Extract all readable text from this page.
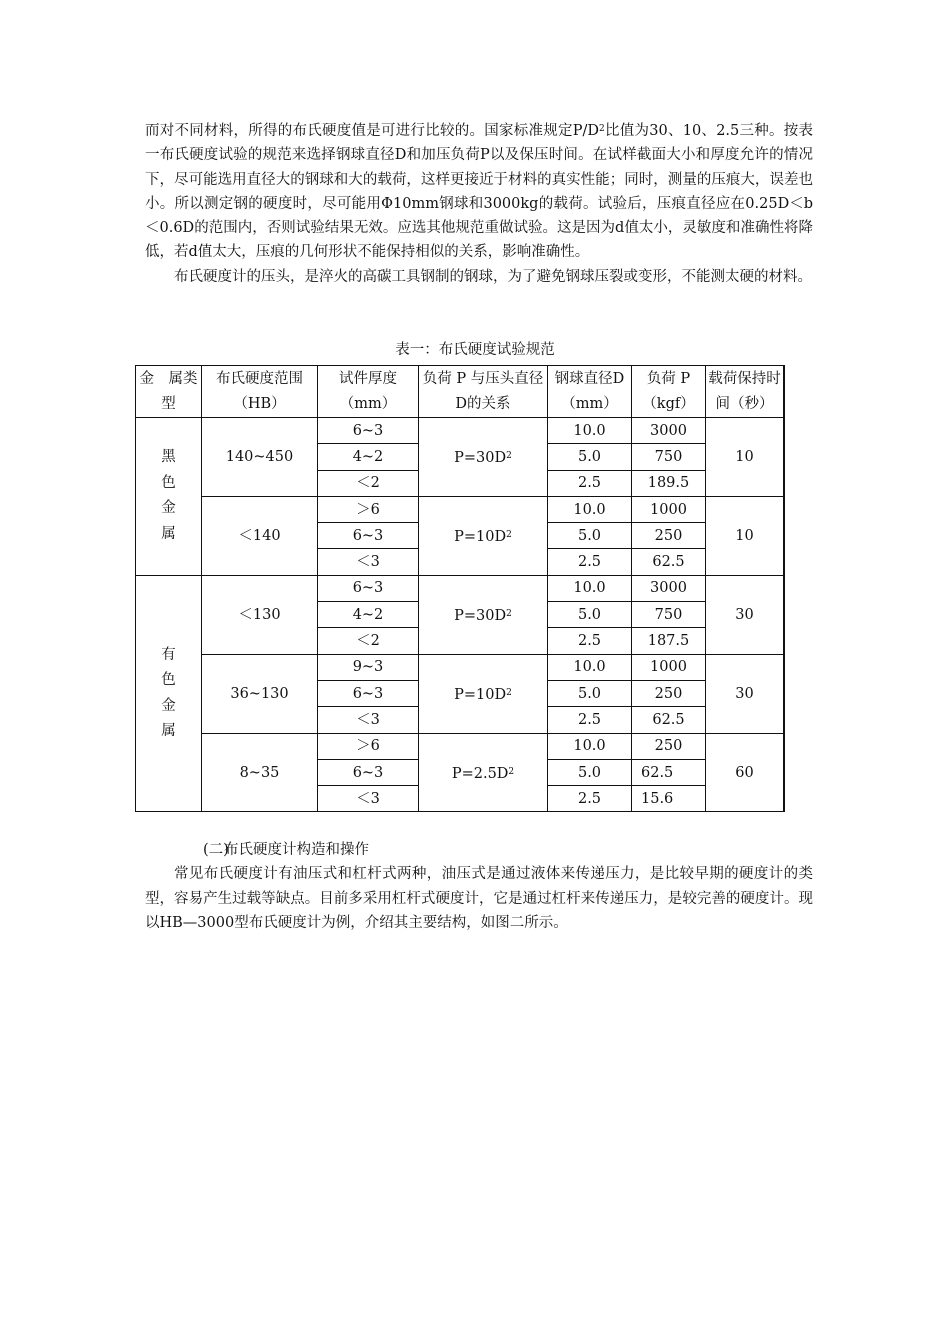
而对不同材料，所得的布氏硬度值是可进行比较的。国家标准规定$P/D^2$比值为30、10、2.5三种。按表一布氏硬度试验的规范来选择钢球直径D和加压负荷P以及保压时间。在试样截面大小和厚度允许的情况下，尽可能选用直径大的钢球和大的载荷，这样更接近于材料的真实性能；同时，测量的压痕大，误差也小。所以测定钢的硬度时，尽可能用Φ10mm钢球和3000kg的载荷。试验后，压痕直径应在0.25D＜b＜0.6D的范围内，否则试验结果无效。应选其他规范重做试验。这是因为d值太小，灵敏度和准确性将降低，若d值太大，压痕的几何形状不能保持相似的关系，影响准确性。

布氏硬度计的压头，是淬火的高碳工具钢制的钢球，为了避免钢球压裂或变形，不能测太硬的材料。

表一：布氏硬度试验规范
金　属类　型	布氏硬度范围（HB）	试件厚度（mm）	负荷 P 与压头直径D的关系	钢球直径D（mm）	负荷 P（kgf）	载荷保持时间（秒）
黑色金属	140~450	6~3	$P=30D^2$	10.0	3000	10
		4~2		5.0	750	
		＜2		2.5	189.5	
	＜140	＞6	$P=10D^2$	10.0	1000	10
		6~3		5.0	250	
		＜3		2.5	62.5	
有色金属	＜130	6~3	$P=30D^2$	10.0	3000	30
		4~2		5.0	750	
		＜2		2.5	187.5	
	36~130	9~3	$P=10D^2$	10.0	1000	30
		6~3		5.0	250	
		＜3		2.5	62.5	
	8~35	＞6	$P=2.5D^2$	10.0	250	60
		6~3		5.0	62.5	
		＜3		2.5	15.6	

(二)布氏硬度计构造和操作

常见布氏硬度计有油压式和杠杆式两种，油压式是通过液体来传递压力，是比较早期的硬度计的类型，容易产生过载等缺点。目前多采用杠杆式硬度计，它是通过杠杆来传递压力，是较完善的硬度计。现以HB—3000型布氏硬度计为例，介绍其主要结构，如图二所示。
